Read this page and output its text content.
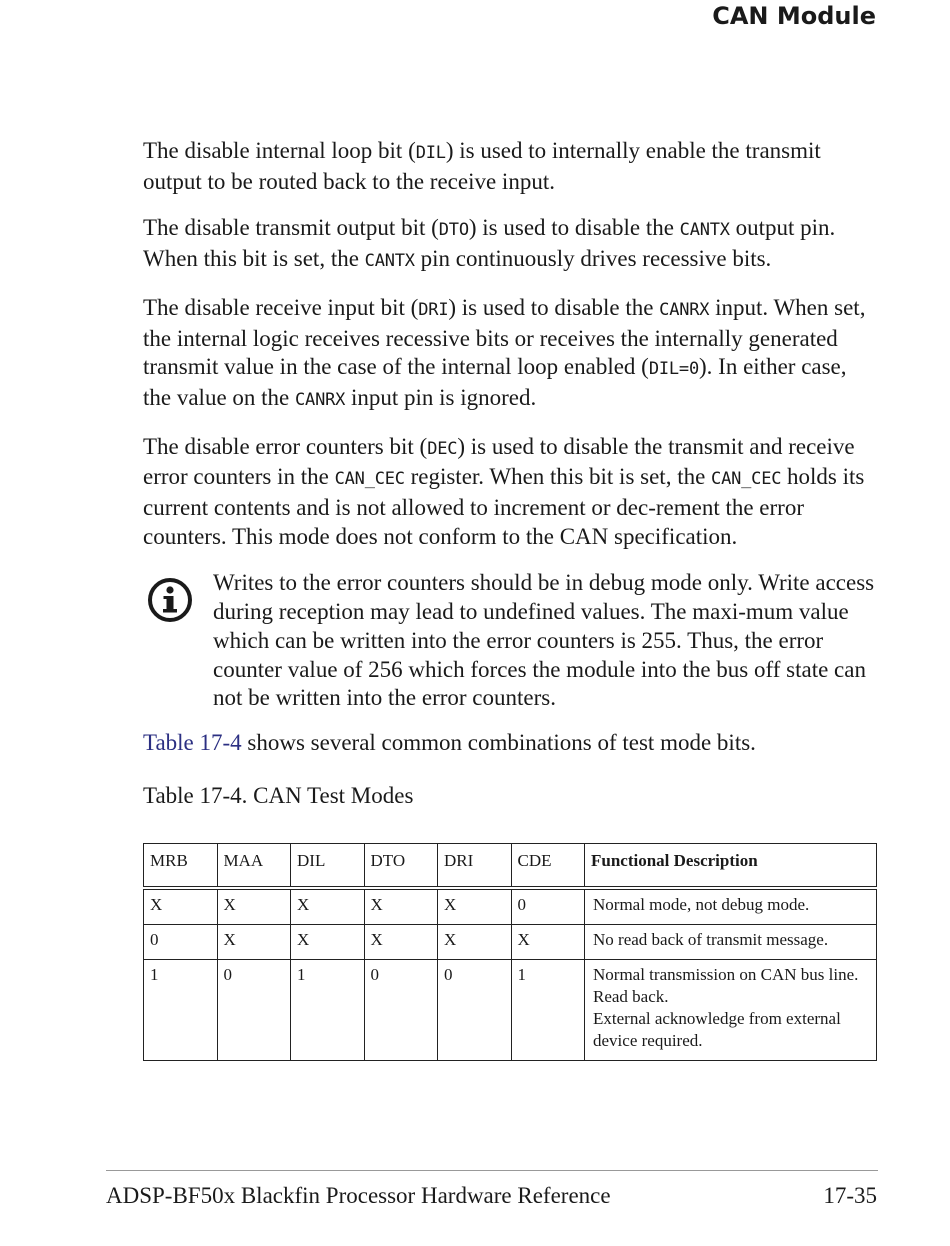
CAN Module

The disable internal loop bit (DIL) is used to internally enable the transmit output to be routed back to the receive input.

The disable transmit output bit (DTO) is used to disable the CANTX output pin. When this bit is set, the CANTX pin continuously drives recessive bits.

The disable receive input bit (DRI) is used to disable the CANRX input. When set, the internal logic receives recessive bits or receives the internally generated transmit value in the case of the internal loop enabled (DIL=0). In either case, the value on the CANRX input pin is ignored.

The disable error counters bit (DEC) is used to disable the transmit and receive error counters in the CAN_CEC register. When this bit is set, the CAN_CEC holds its current contents and is not allowed to increment or dec-rement the error counters. This mode does not conform to the CAN specification.

Writes to the error counters should be in debug mode only. Write access during reception may lead to undefined values. The maxi-mum value which can be written into the error counters is 255. Thus, the error counter value of 256 which forces the module into the bus off state can not be written into the error counters.

Table 17-4 shows several common combinations of test mode bits.

Table 17-4. CAN Test Modes
MRB	MAA	DIL	DTO	DRI	CDE	Functional Description
X	X	X	X	X	0	Normal mode, not debug mode.

0	X	X	X	X	X	No read back of transmit message.

1	0	1	0	0	1	Normal transmission on CAN bus line.
Read back.
External acknowledge from external device required.
ADSP-BF50x Blackfin Processor Hardware Reference	17-35
